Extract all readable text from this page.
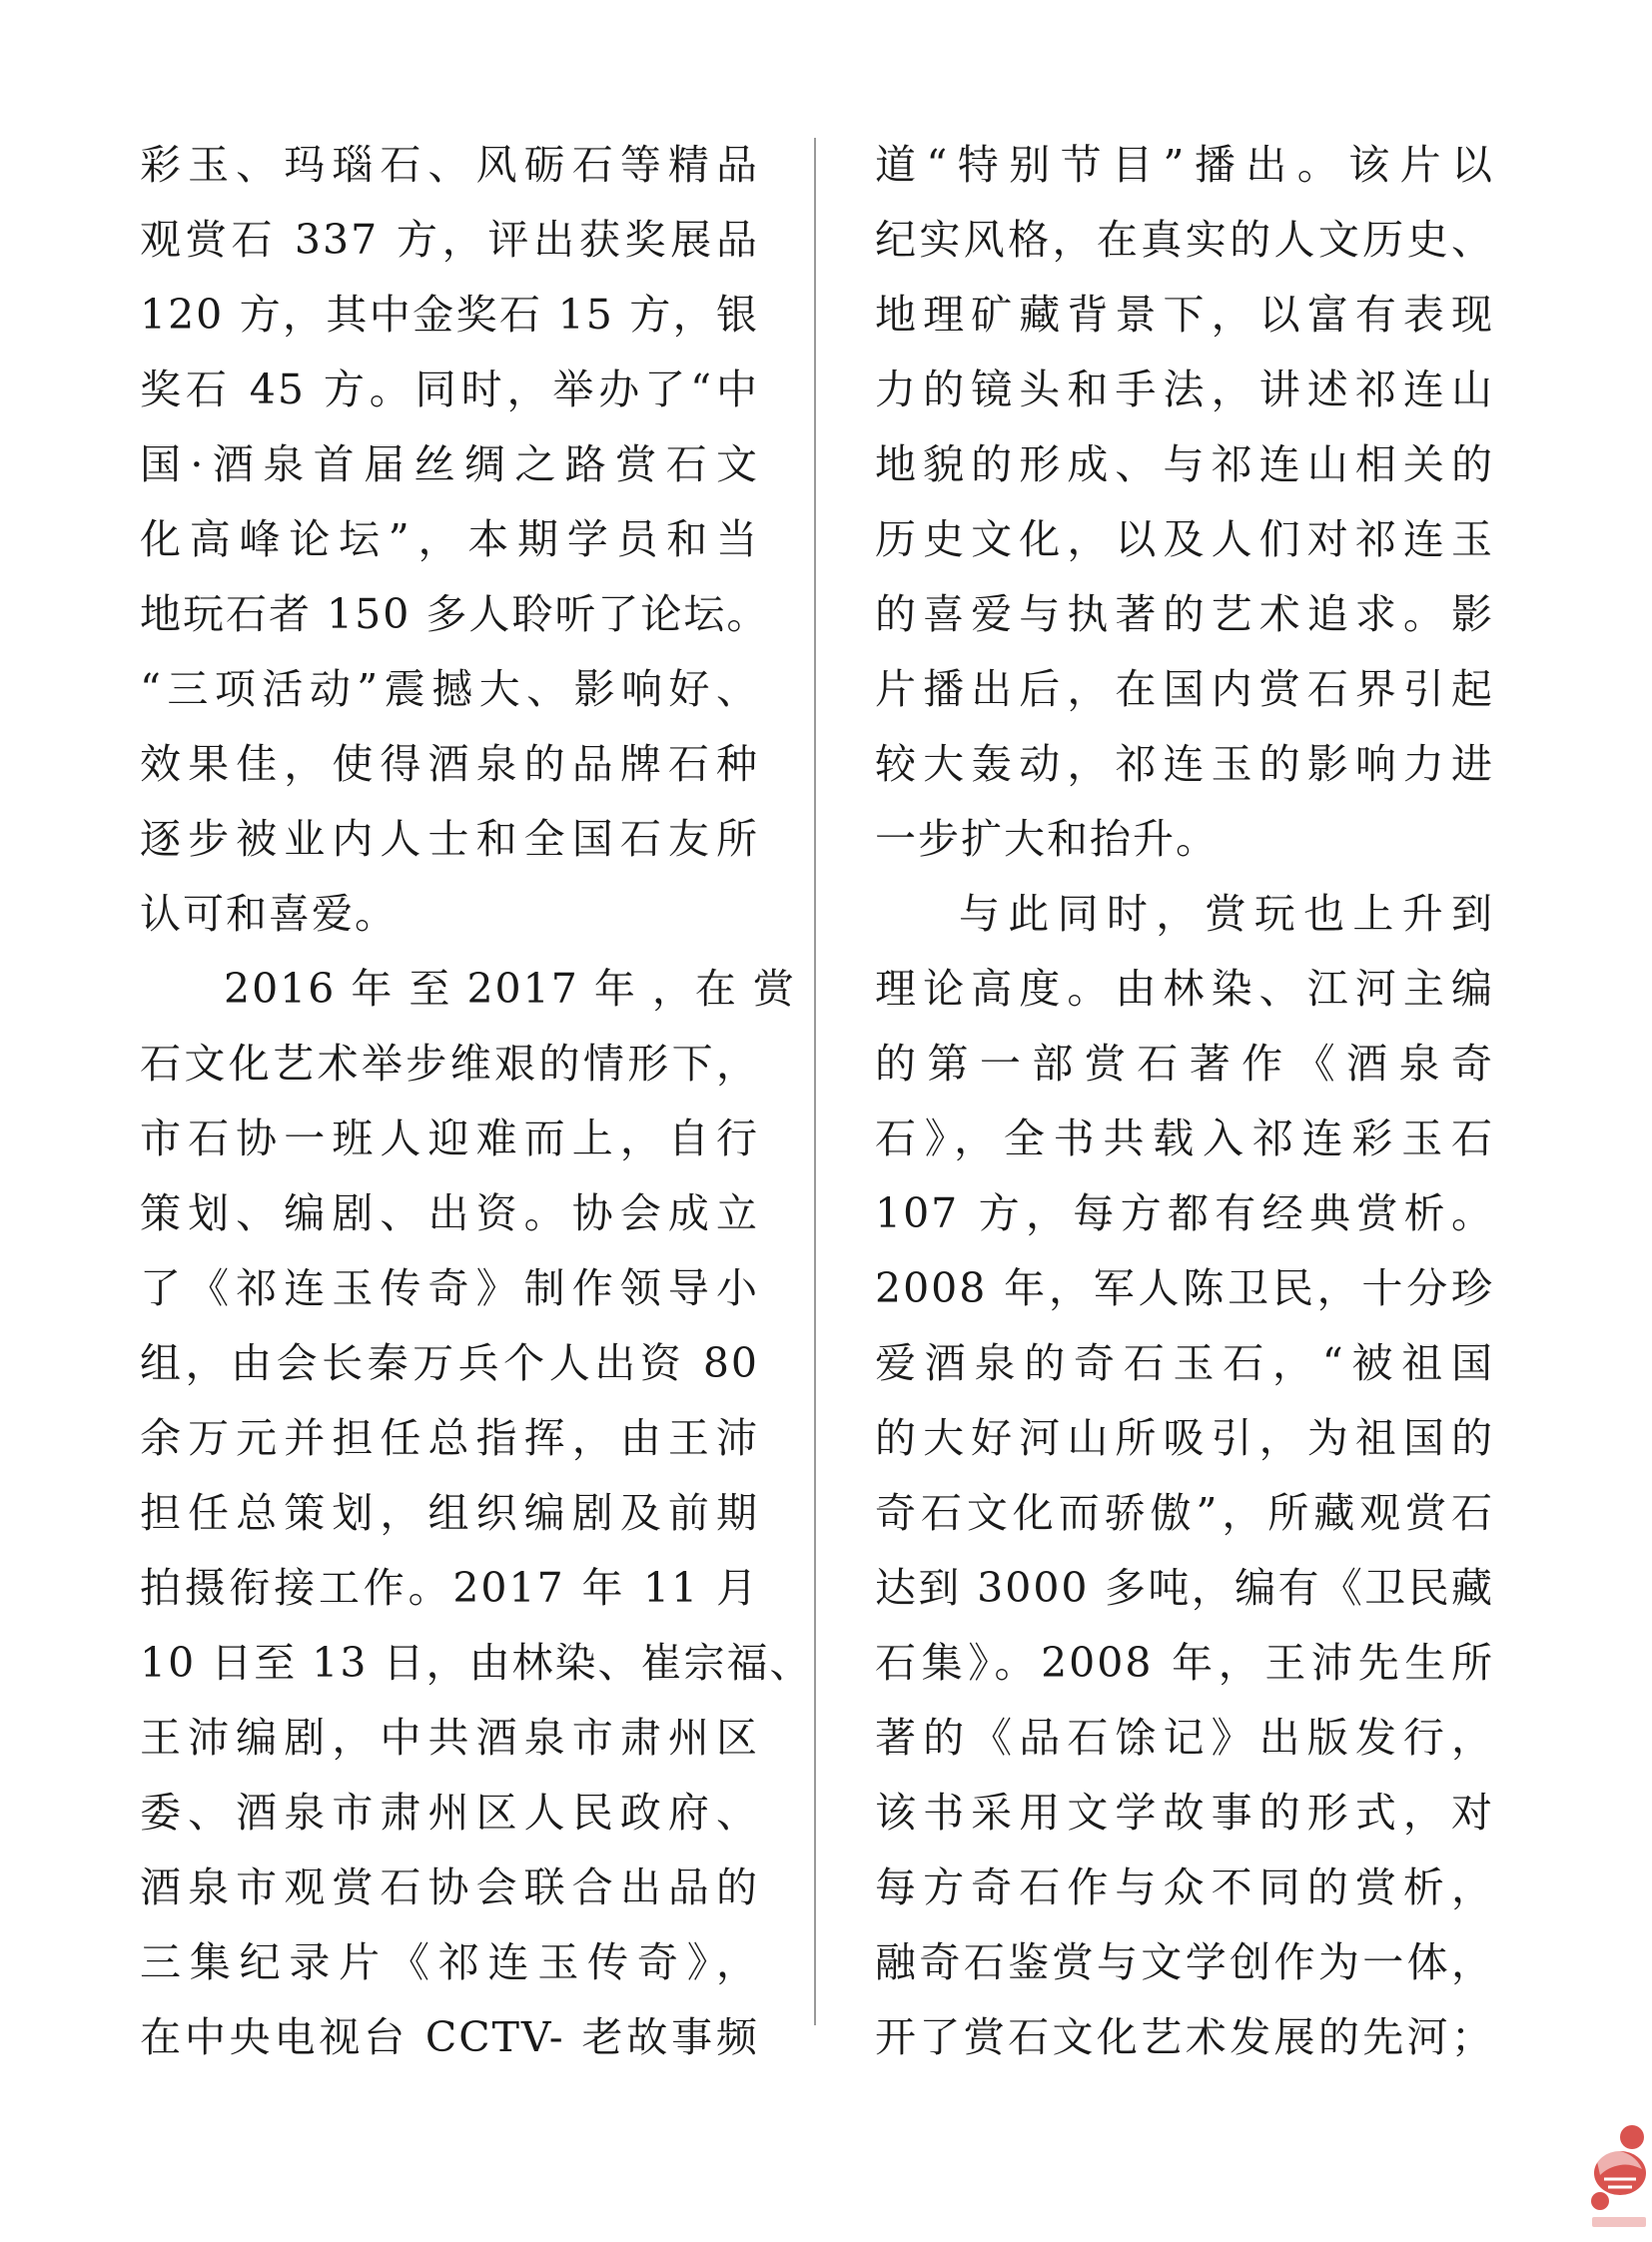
彩玉、玛瑙石、风砺石等精品
观赏石 337 方，评出获奖展品
120 方，其中金奖石 15 方，银
奖石 45 方。同时，举办了“中
国·酒泉首届丝绸之路赏石文
化高峰论坛”，本期学员和当
地玩石者 150 多人聆听了论坛。
“三项活动”震撼大、影响好、
效果佳，使得酒泉的品牌石种
逐步被业内人士和全国石友所
认可和喜爱。
2016 年 至 2017 年 ，在 赏
石文化艺术举步维艰的情形下，
市石协一班人迎难而上，自行
策划、编剧、出资。协会成立
了《祁连玉传奇》制作领导小
组，由会长秦万兵个人出资 80
余万元并担任总指挥，由王沛
担任总策划，组织编剧及前期
拍摄衔接工作。2017 年 11 月
10 日至 13 日，由林染、崔宗福、
王沛编剧，中共酒泉市肃州区
委、酒泉市肃州区人民政府、
酒泉市观赏石协会联合出品的
三集纪录片《祁连玉传奇》，
在中央电视台 CCTV- 老故事频
道“特别节目”播出。该片以
纪实风格，在真实的人文历史、
地理矿藏背景下，以富有表现
力的镜头和手法，讲述祁连山
地貌的形成、与祁连山相关的
历史文化，以及人们对祁连玉
的喜爱与执著的艺术追求。影
片播出后，在国内赏石界引起
较大轰动，祁连玉的影响力进
一步扩大和抬升。
与此同时，赏玩也上升到
理论高度。由林染、江河主编
的第一部赏石著作《酒泉奇
石》，全书共载入祁连彩玉石
107 方，每方都有经典赏析。
2008 年，军人陈卫民，十分珍
爱酒泉的奇石玉石，“被祖国
的大好河山所吸引，为祖国的
奇石文化而骄傲”，所藏观赏石
达到 3000 多吨，编有《卫民藏
石集》。2008 年，王沛先生所
著的《品石馀记》出版发行，
该书采用文学故事的形式，对
每方奇石作与众不同的赏析，
融奇石鉴赏与文学创作为一体，
开了赏石文化艺术发展的先河；
